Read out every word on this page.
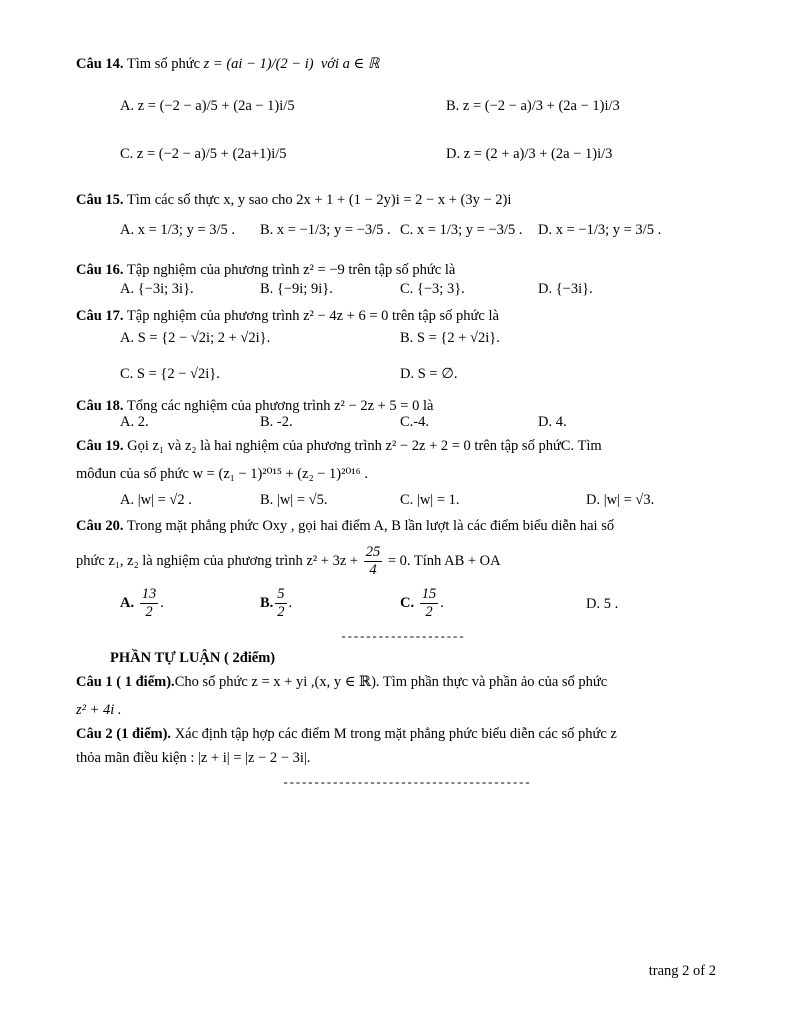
Câu 14. Tìm số phức z = (ai − 1)/(2 − i) với a ∈ ℝ
A. z = (−2 − a)/5 + (2a − 1)i/5	B. z = (−2 − a)/3 + (2a − 1)i/3
C. z = (−2 − a)/5 + (2a+1)i/5	D. z = (2 + a)/3 + (2a − 1)i/3
Câu 15. Tìm các số thực x, y sao cho 2x + 1 + (1 − 2y)i = 2 − x + (3y − 2)i
A. x = 1/3; y = 3/5 . B. x = −1/3; y = −3/5 . C. x = 1/3; y = −3/5 . D. x = −1/3; y = 3/5 .
Câu 16. Tập nghiệm của phương trình z² = −9 trên tập số phức là
A. {−3i; 3i}.	B. {−9i; 9i}.	C. {−3; 3}.	D. {−3i}.
Câu 17. Tập nghiệm của phương trình z² − 4z + 6 = 0 trên tập số phức là
A. S = {2 − √2i; 2 + √2i}.	B. S = {2 + √2i}.
C. S = {2 − √2i}.	D. S = ∅.
Câu 18. Tổng các nghiệm của phương trình z² − 2z + 5 = 0 là
A. 2.	B. -2.	C.-4.	D. 4.
Câu 19. Gọi z₁ và z₂ là hai nghiệm của phương trình z² − 2z + 2 = 0 trên tập số phứC. Tìm
môđun của số phức w = (z₁ − 1)²⁰¹⁵ + (z₂ − 1)²⁰¹⁶ .
A. |w| = √2 .	B. |w| = √5.	C. |w| = 1.	D. |w| = √3.
Câu 20. Trong mặt phẳng phức Oxy , gọi hai điểm A, B lần lượt là các điểm biểu diễn hai số
phức z₁, z₂ là nghiệm của phương trình $z^2 + 3z + \frac{25}{4} = 0$. Tính AB + OA
A. $\frac{13}{2}$ .	B. $\frac{5}{2}$ .	C. $\frac{15}{2}$ .	D. 5 .
--------------------
PHẦN TỰ LUẬN ( 2điểm)
Câu 1 ( 1 điểm).Cho số phức z = x + yi ,(x, y ∈ ℝ). Tìm phần thực và phần ảo của số phức
z² + 4i .
Câu 2 (1 điểm). Xác định tập hợp các điểm M trong mặt phẳng phức biểu diễn các số phức z
thỏa mãn điều kiện : |z + i| = |z − 2 − 3i|.
----------------------------------------
trang 2 of 2
